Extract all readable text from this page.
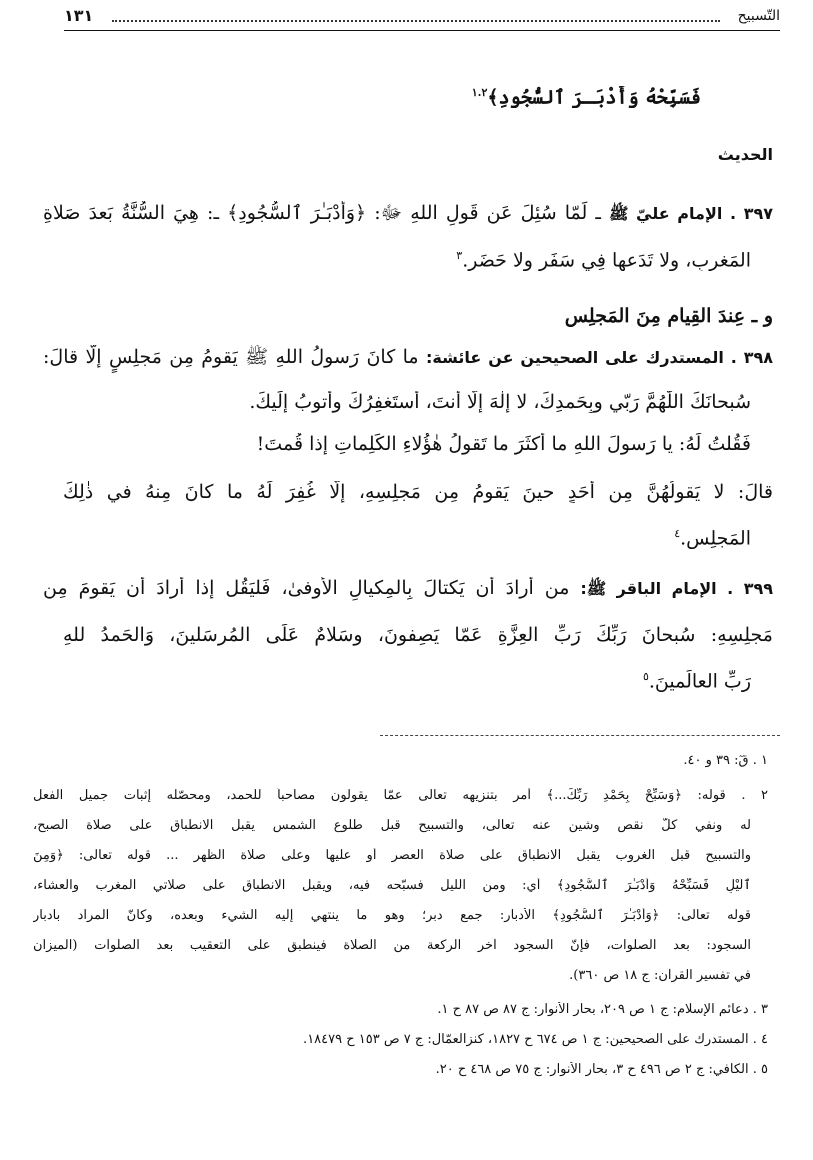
التّسبيح
١٣١
فَسَبِّحْهُ وَأَدْبَـرَ ٱلسُّجُودِ﴾$^{١.٢}$
الحديث
٣٩٧ . الإمام عليّ ﷺ ـ لَمّا سُئِلَ عَن قَولِ اللهِ ﷻ: ﴿وَأَدْبَـٰرَ ٱلسُّجُودِ﴾ ـ: هِيَ السُّنَّةُ بَعدَ صَلاةِ
المَغرِبِ، ولا تَدَعها فِي سَفَرٍ ولا حَضَرٍ.$^٣$
و ـ عِندَ القِيامِ مِنَ المَجلِسِ
٣٩٨ . المستدرك على الصحيحين عن عائشة: ما كانَ رَسولُ اللهِ ﷺ يَقومُ مِن مَجلِسٍ إلّا قالَ:
سُبحانَكَ اللّٰهُمَّ رَبّي وبِحَمدِكَ، لا إلٰهَ إلّا أنتَ، أستَغفِرُكَ وأتوبُ إلَيكَ.
فَقُلتُ لَهُ: يا رَسولَ اللهِ ما أكثَرَ ما تَقولُ هٰؤُلاءِ الكَلِماتِ إذا قُمتَ!
قالَ: لا يَقولُهُنَّ مِن أحَدٍ حينَ يَقومُ مِن مَجلِسِهِ، إلّا غُفِرَ لَهُ ما كانَ مِنهُ في ذٰلِكَ
المَجلِسِ.$^٤$
٣٩٩ . الإمام الباقر ﷺ: من أرادَ أن يَكتالَ بِالمِكيالِ الأَوفىٰ، فَليَقُل إذا أرادَ أن يَقومَ مِن
مَجلِسِهِ: سُبحانَ رَبِّكَ رَبِّ العِزَّةِ عَمّا يَصِفونَ، وسَلامٌ عَلَى المُرسَلينَ، وَالحَمدُ للهِ
رَبِّ العالَمينَ.$^٥$
١ . قٓ: ٣٩ و ٤٠.
٢ . قوله: ﴿وَسَبِّحْ بِحَمْدِ رَبِّكَ...﴾ أمر بتنزيهه تعالى عمّا يقولون مصاحباً للحمد، ومحصّله إثبات جميل الفعل
له ونفي كلّ نقص وشين عنه تعالى، والتسبيح قبل طلوع الشمس يقبل الانطباق على صلاة الصبح،
والتسبيح قبل الغروب يقبل الانطباق على صلاة العصر أو عليها وعلى صلاة الظهر ... قوله تعالى: ﴿وَمِنَ
ٱلَّيْلِ فَسَبِّحْهُ وَأَدْبَـٰرَ ٱلسُّجُودِ﴾ أي: ومن الليل فسبّحه فيه، ويقبل الانطباق على صلاتي المغرب والعشاء،
قوله تعالى: ﴿وَأَدْبَـٰرَ ٱلسُّجُودِ﴾ الأدبار: جمع دبر؛ وهو ما ينتهي إليه الشيء وبعده، وكأنّ المراد بأدبار
السجود: بعد الصلوات، فإنّ السجود آخر الركعة من الصلاة فينطبق على التعقيب بعد الصلوات (الميزان
في تفسير القرآن: ج ١٨ ص ٣٦٠).
٣ . دعائم الإسلام: ج ١ ص ٢٠٩، بحار الأنوار: ج ٨٧ ص ٨٧ ح ١.
٤ . المستدرك على الصحيحين: ج ١ ص ٦٧٤ ح ١٨٢٧، كنزالعمّال: ج ٧ ص ١٥٣ ح ١٨٤٧٩.
٥ . الكافي: ج ٢ ص ٤٩٦ ح ٣، بحار الأنوار: ج ٧٥ ص ٤٦٨ ح ٢٠.
